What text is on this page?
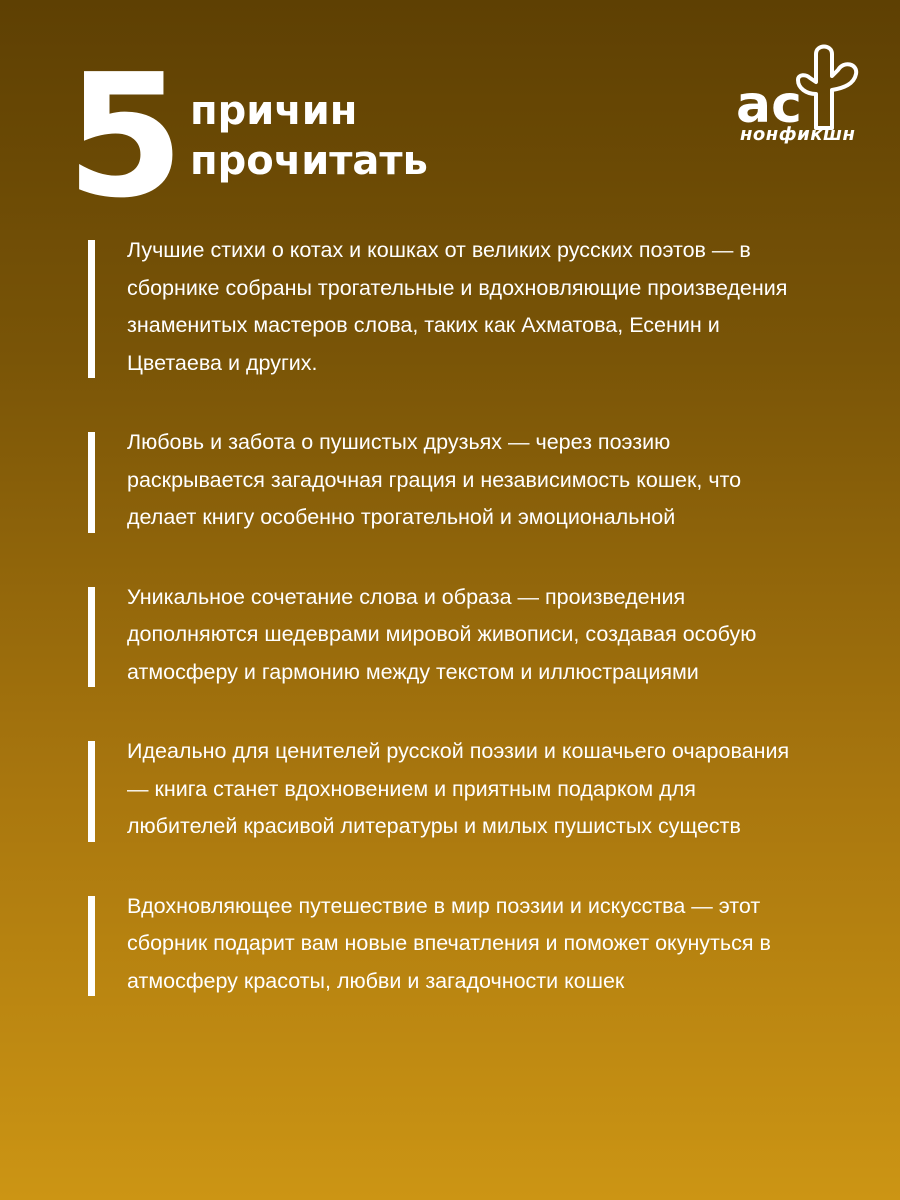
5 причин
прочитать
ас
нонфикшн
Лучшие стихи о котах и кошках от великих русских поэтов — в сборнике собраны трогательные и вдохновляющие произведения знаменитых мастеров слова, таких как Ахматова, Есенин и Цветаева и других.
Любовь и забота о пушистых друзьях — через поэзию раскрывается загадочная грация и независимость кошек, что делает книгу особенно трогательной и эмоциональной
Уникальное сочетание слова и образа — произведения дополняются шедеврами мировой живописи, создавая особую атмосферу и гармонию между текстом и иллюстрациями
Идеально для ценителей русской поэзии и кошачьего очарования — книга станет вдохновением и приятным подарком для любителей красивой литературы и милых пушистых существ
Вдохновляющее путешествие в мир поэзии и искусства — этот сборник подарит вам новые впечатления и поможет окунуться в атмосферу красоты, любви и загадочности кошек
